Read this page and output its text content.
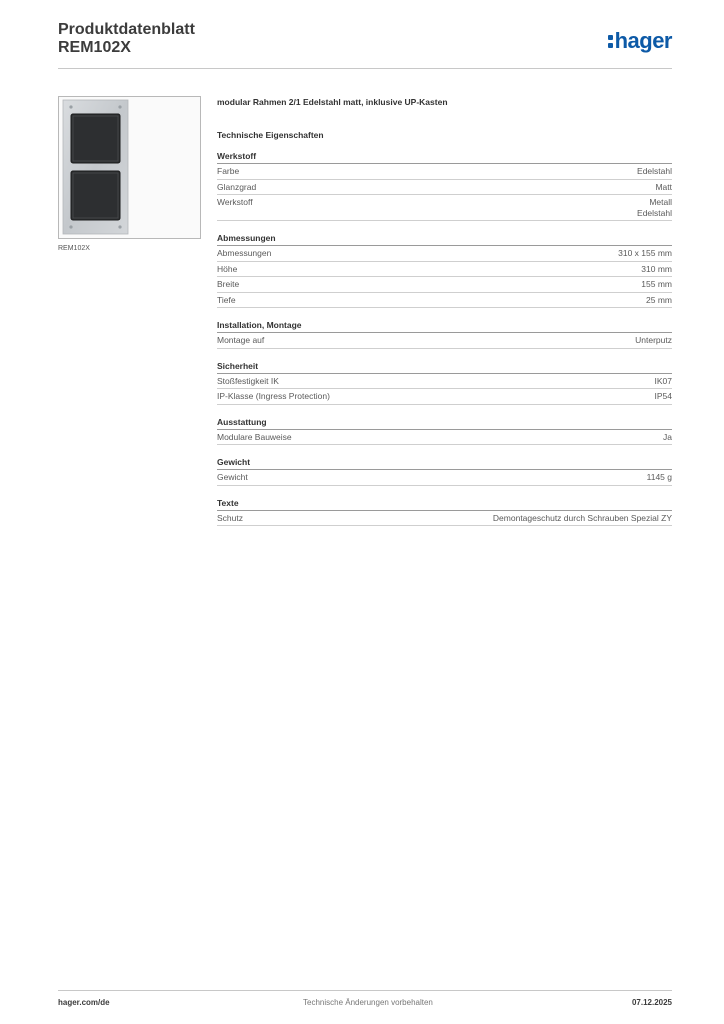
Produktdatenblatt
REM102X	hager
REM102X
modular Rahmen 2/1 Edelstahl matt, inklusive UP-Kasten
Technische Eigenschaften
Werkstoff
Farbe	Edelstahl
Glanzgrad	Matt
Werkstoff	Metall
Edelstahl
Abmessungen
Abmessungen	310 x 155 mm
Höhe	310 mm
Breite	155 mm
Tiefe	25 mm
Installation, Montage
Montage auf	Unterputz
Sicherheit
Stoßfestigkeit IK	IK07
IP-Klasse (Ingress Protection)	IP54
Ausstattung
Modulare Bauweise	Ja
Gewicht
Gewicht	1145 g
Texte
Schutz	Demontageschutz durch Schrauben Spezial ZY
hager.com/de	Technische Änderungen vorbehalten	07.12.2025
